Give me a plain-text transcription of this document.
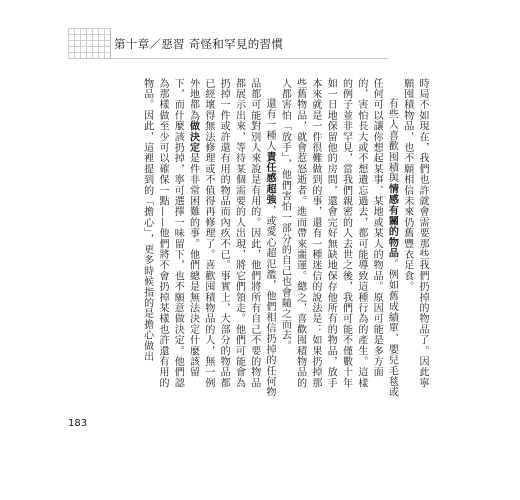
第十章／惡習 奇怪和罕見的習慣

時局不如現在，我們也許就會需要那些我們扔掉的物品了。因此寧願囤積物品，也不願相信未來仍舊豐衣足食。

有些人喜歡囤積與情感有關的物品。例如舊成績單、嬰兒毛毯或任何可以讓你想起某事、某地或某人的物品。原因可能是多方面的，害怕長大或不想遺忘過去，都可能導致這種行為的產生。這樣的例子並非罕見，當我們親密的人去世之後，我們可能不僅數十年如一日地保留他的房間，還會完好無缺地保存他所有的物品，放手本來就是一件很難做到的事，還有一種迷信的說法是：如果扔掉那些舊物品，就會惹怒逝者。進而帶來噩運。總之，喜歡囤積物品的人都害怕「放手」，他們害怕一部分的自己也會隨之而去。

還有一種人責任感超強，或愛心超氾濫，他們相信扔掉的任何物品都可能對別人來說是有用的。因此，他們將所有自己不要的物品都展示出來，等待某個需要的人出現，將它們領走。他們可能會為扔掉一件或許還有用的物品而內疚不已。事實上，大部分的物品都已經壞得無法修理或不值得再修理了。喜歡囤積物品的人，無一例外地都為做決定是件非常困難的事。他們總是無法決定什麼該留下，而什麼該扔掉，寧可選擇一味留下，也不願意做決定。他們認為那樣做至少可以確保一點——他們將不會扔掉某樣也許還有用的物品。因此，這裡提到的「擔心」，更多時候指的是擔心做出

183
